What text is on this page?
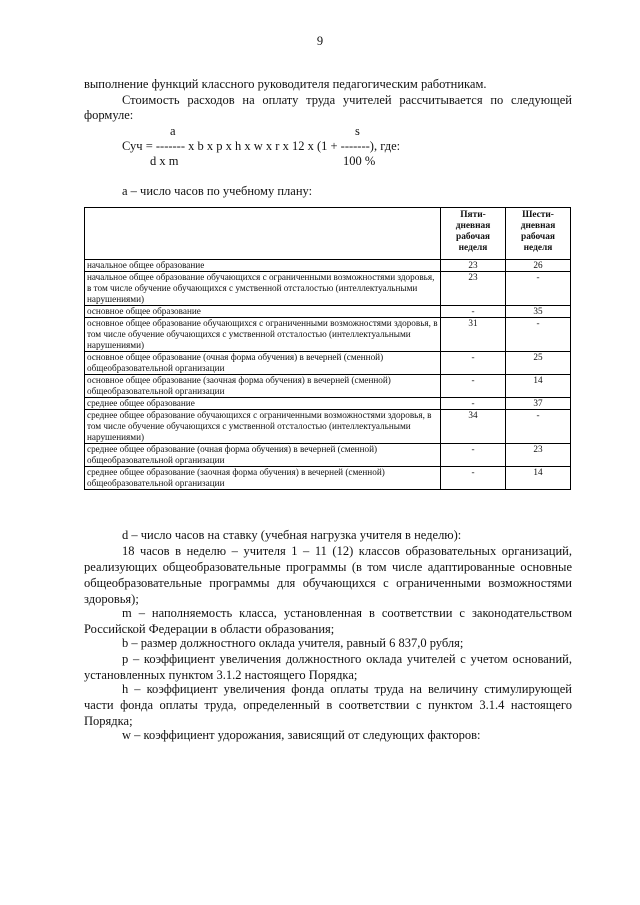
9
выполнение функций классного руководителя педагогическим работникам.
Стоимость расходов на оплату труда учителей рассчитывается по следующей
формуле:
a	s
Суч = ------- х b х p х h х w х r х 12 х (1 + -------), где:
d х m	100 %
a – число часов по учебному плану:
	Пяти-
дневная
рабочая
неделя	Шести-
дневная
рабочая
неделя
начальное общее образование	23	26
начальное общее образование обучающихся с ограниченными возможностями здоровья, в том числе обучение обучающихся с умственной отсталостью (интеллектуальными нарушениями)	23	-
основное общее образование	-	35
основное общее образование обучающихся с ограниченными возможностями здоровья, в том числе обучение обучающихся с умственной отсталостью (интеллектуальными нарушениями)	31	-
основное общее образование (очная форма обучения) в вечерней (сменной) общеобразовательной организации	-	25
основное общее образование (заочная форма обучения) в вечерней (сменной) общеобразовательной организации	-	14
среднее общее образование	-	37
среднее общее образование обучающихся с ограниченными возможностями здоровья, в том числе обучение обучающихся с умственной отсталостью (интеллектуальными нарушениями)	34	-
среднее общее образование (очная форма обучения) в вечерней (сменной) общеобразовательной организации	-	23
среднее общее образование (заочная форма обучения) в вечерней (сменной) общеобразовательной организации	-	14
d – число часов на ставку (учебная нагрузка учителя в неделю):
18 часов в неделю – учителя 1 – 11 (12) классов образовательных организаций, реализующих общеобразовательные программы (в том числе адаптированные основные общеобразовательные программы для обучающихся с ограниченными возможностями здоровья);
m – наполняемость класса, установленная в соответствии с законодательством Российской Федерации в области образования;
b – размер должностного оклада учителя, равный 6 837,0 рубля;
p – коэффициент увеличения должностного оклада учителей с учетом оснований, установленных пунктом 3.1.2 настоящего Порядка;
h – коэффициент увеличения фонда оплаты труда на величину стимулирующей части фонда оплаты труда, определенный в соответствии с пунктом 3.1.4 настоящего Порядка;
w – коэффициент удорожания, зависящий от следующих факторов:
